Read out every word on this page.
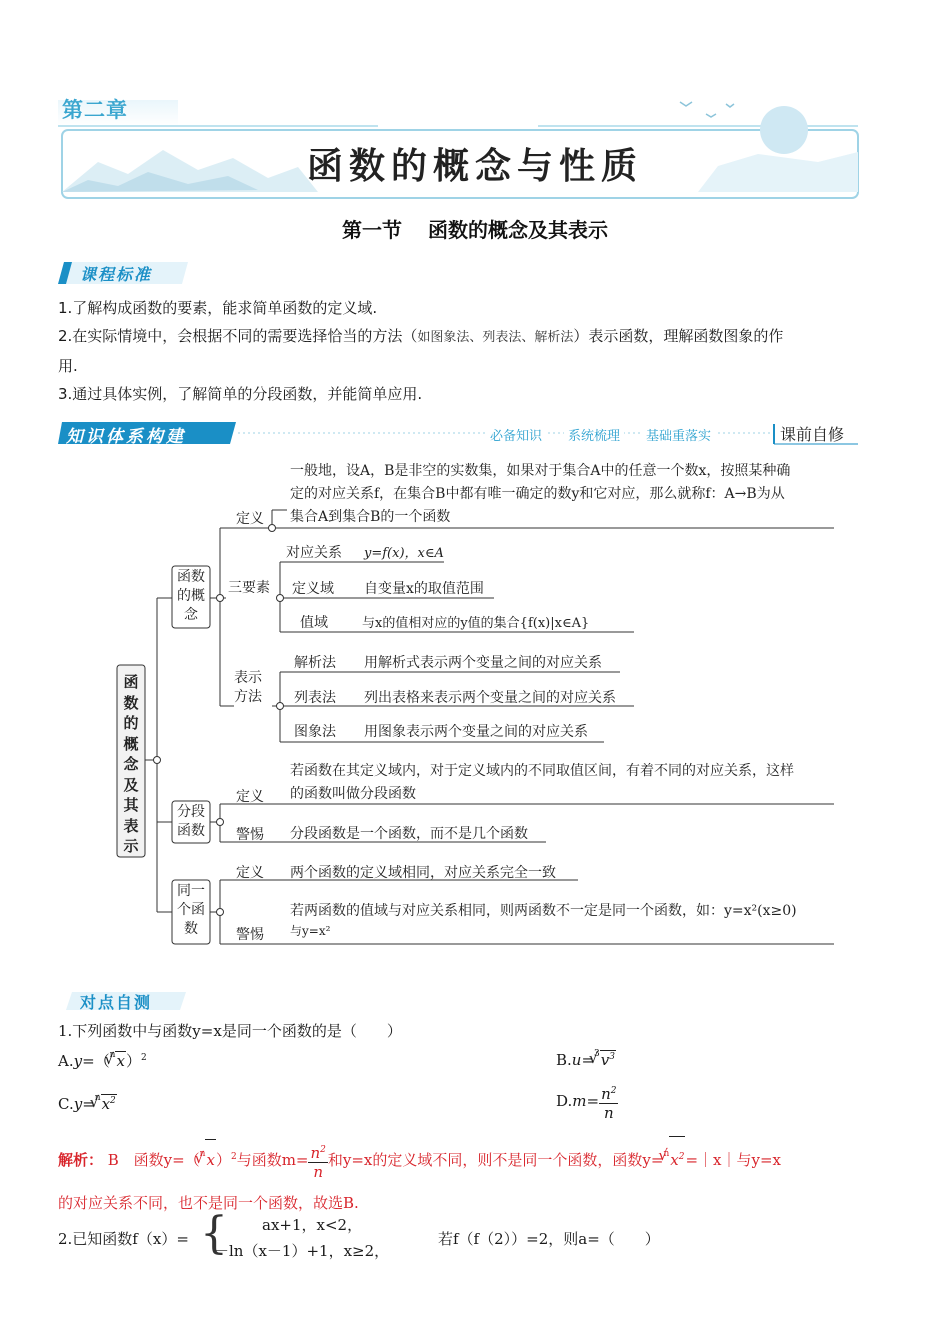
第二章
函数的概念与性质
第一节 函数的概念及其表示
课程标准
1.了解构成函数的要素，能求简单函数的定义域.
2.在实际情境中，会根据不同的需要选择恰当的方法（如图象法、列表法、解析法）表示函数，理解函数图象的作
用.
3.通过具体实例，了解简单的分段函数，并能简单应用.
知识体系构建	必备知识	系统梳理	基础重落实	课前自修
函数的概念及其表示
函数的概念
分段函数
同一个函数
定义
一般地，设A，B是非空的实数集，如果对于集合A中的任意一个数x，按照某种确
定的对应关系f，在集合B中都有唯一确定的数y和它对应，那么就称f：A→B为从
集合A到集合B的一个函数
三要素
对应关系 y=f(x)，x∈A
定义域 自变量x的取值范围
值域	与x的值相对应的y值的集合{f(x)|x∈A}
表示方法
解析法 用解析式表示两个变量之间的对应关系
列表法 列出表格来表示两个变量之间的对应关系
图象法 用图象表示两个变量之间的对应关系
定义
若函数在其定义域内，对于定义域内的不同取值区间，有着不同的对应关系，这样
的函数叫做分段函数
警惕 分段函数是一个函数，而不是几个函数
定义 两个函数的定义域相同，对应关系完全一致
警惕
若两函数的值域与对应关系相同，则两函数不一定是同一个函数，如：y=x²(x≥0)
与y=x²
对点自测
1.下列函数中与函数y=x是同一个函数的是（　　）
A.y=（$^n$√ x）$^2$	B.u=$^3$√ $v^3$
C.y=$^n$√ $x^2$	$D.m= \frac{n^2}{n}$
解析： B 函数y=（$^n$√ x）$^2$与函数$m= \frac{n^2}{n}$ 和y=x的定义域不同，则不是同一个函数，函数y=$^n$√ $x^2=|x|$与y=x
的对应关系不同，也不是同一个函数，故选B.
2.已知函数f（x）= { ax+1，x<2，
－ln（x－1）+1，x≥2，
若f（f（2））=2，则a=（　　）
